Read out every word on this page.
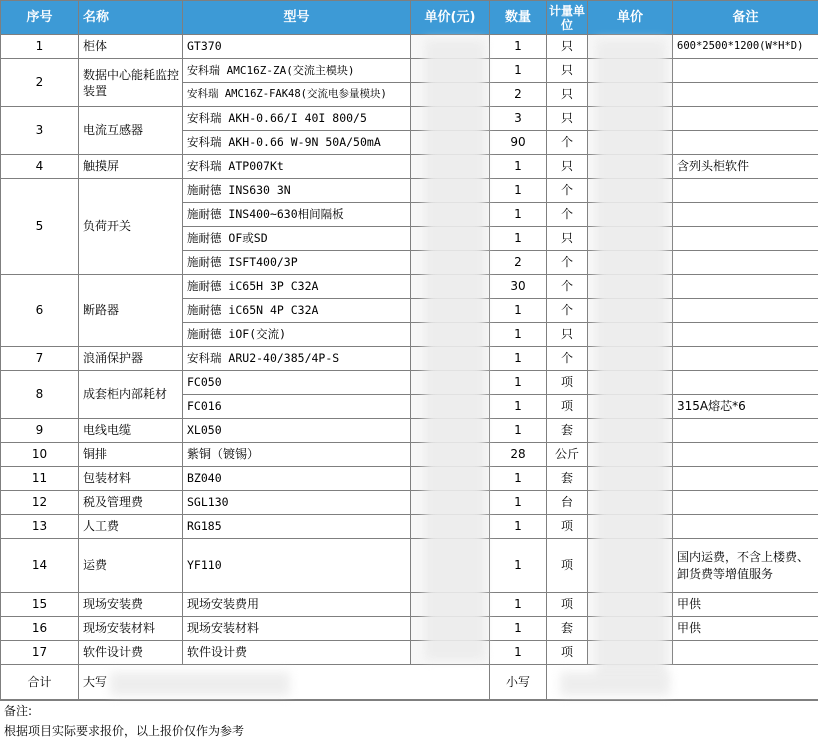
序号	名称	型号	单价(元)	数量	计量单位	单价	备注
1	柜体	GT370		1	只		600*2500*1200(W*H*D)
2	数据中心能耗监控装置	安科瑞 AMC16Z-ZA(交流主模块)		1	只		
		安科瑞 AMC16Z-FAK48(交流电参量模块)		2	只		
3	电流互感器	安科瑞 AKH-0.66/I 40I 800/5		3	只		
		安科瑞 AKH-0.66 W-9N 50A/50mA		90	个		
4	触摸屏	安科瑞 ATP007Kt		1	只		含列头柜软件
5	负荷开关	施耐德 INS630 3N		1	个		
		施耐德 INS400~630相间隔板		1	个		
		施耐德 OF或SD		1	只		
		施耐德 ISFT400/3P		2	个		
6	断路器	施耐德 iC65H 3P C32A		30	个		
		施耐德 iC65N 4P C32A		1	个		
		施耐德 iOF(交流)		1	只		
7	浪涌保护器	安科瑞 ARU2-40/385/4P-S		1	个		
8	成套柜内部耗材	FC050		1	项		
		FC016		1	项		315A熔芯*6
9	电线电缆	XL050		1	套		
10	铜排	紫铜（镀锡）		28	公斤		
11	包装材料	BZ040		1	套		
12	税及管理费	SGL130		1	台		
13	人工费	RG185		1	项		
14	运费	YF110		1	项		国内运费，不含上楼费、卸货费等增值服务
15	现场安装费	现场安装费用		1	项		甲供
16	现场安装材料	现场安装材料		1	套		甲供
17	软件设计费	软件设计费		1	项		
合计	大写			小写			
备注:
根据项目实际要求报价，以上报价仅作为参考
